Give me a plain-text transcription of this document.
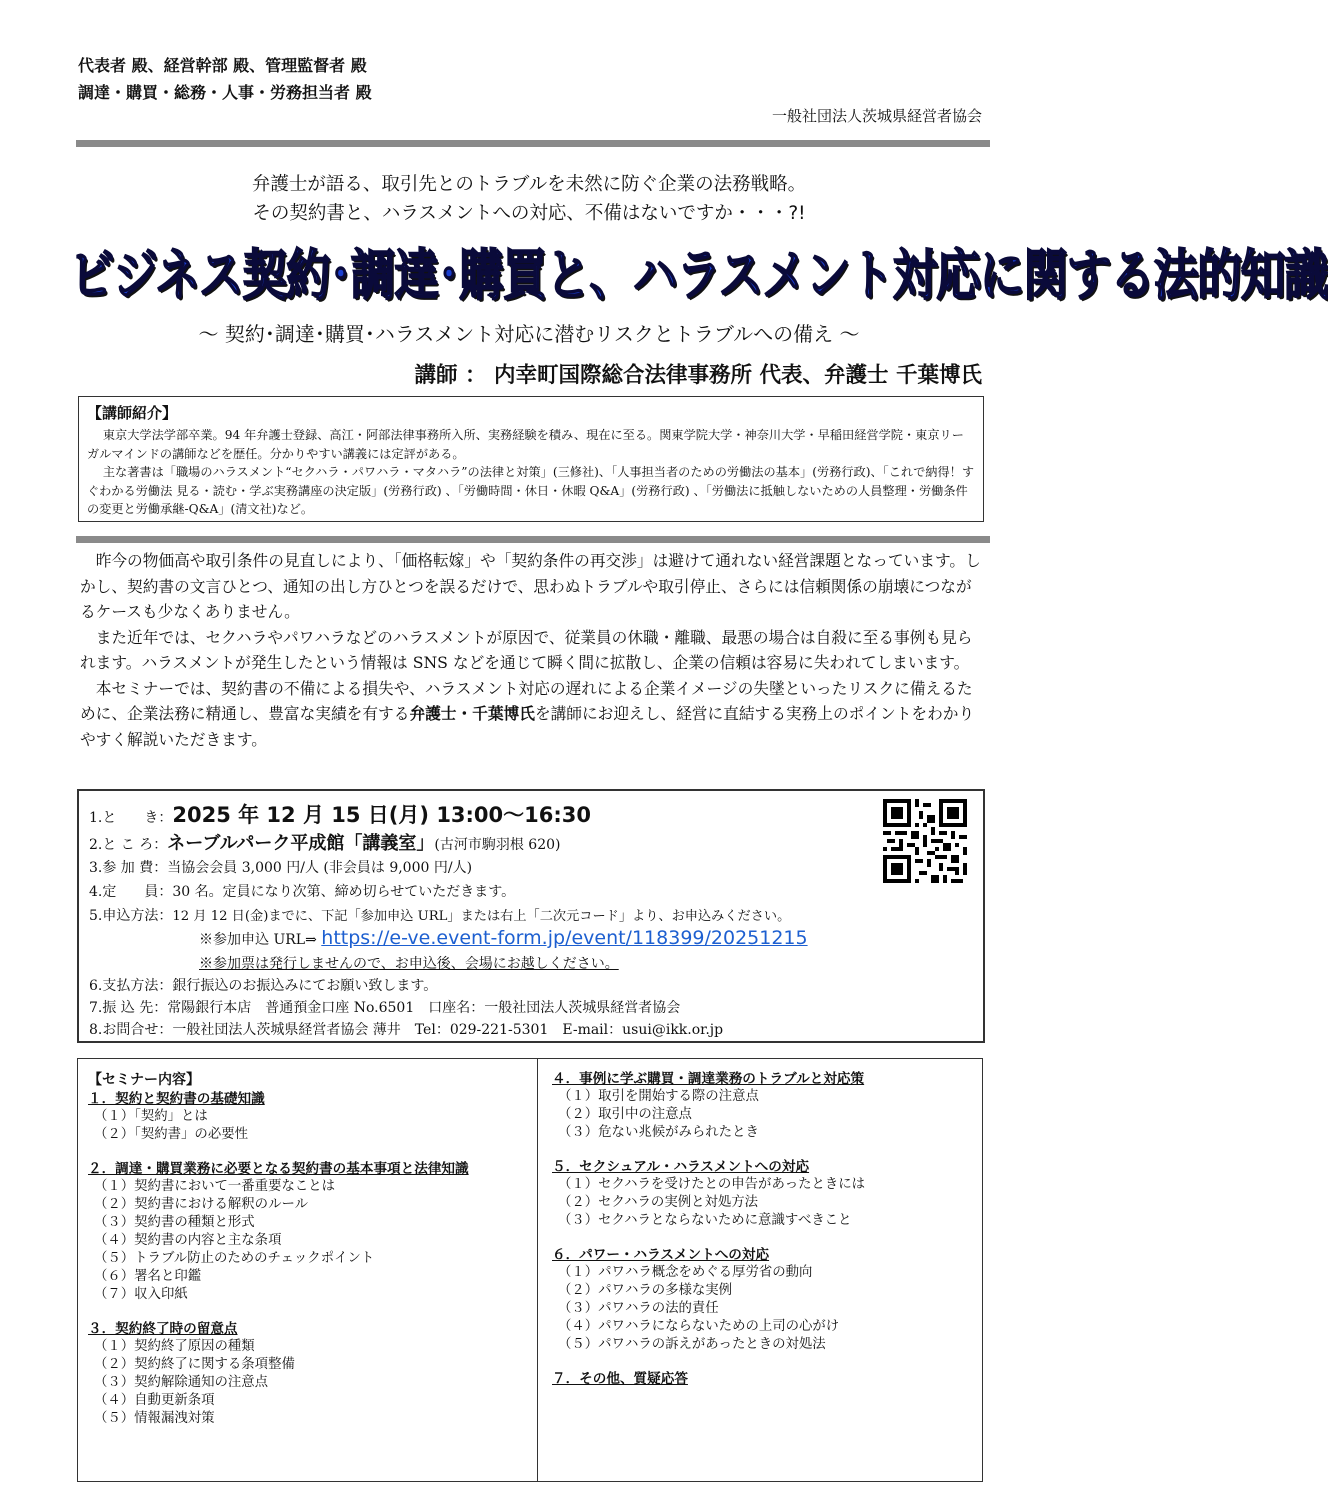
代表者 殿、経営幹部 殿、管理監督者 殿
調達・購買・総務・人事・労務担当者 殿
一般社団法人茨城県経営者協会
弁護士が語る、取引先とのトラブルを未然に防ぐ企業の法務戦略。
その契約書と、ハラスメントへの対応、不備はないですか・・・?!
ビジネス契約･調達･購買と、ハラスメント対応に関する法的知識
～ 契約･調達･購買･ハラスメント対応に潜むリスクとトラブルへの備え ～
講師 ： 内幸町国際総合法律事務所 代表、弁護士 千葉博氏
【講師紹介】

東京大学法学部卒業。94 年弁護士登録、高江・阿部法律事務所入所、実務経験を積み、現在に至る。関東学院大学・神奈川大学・早稲田経営学院・東京リーガルマインドの講師などを歴任。分かりやすい講義には定評がある。

主な著書は「職場のハラスメント“セクハラ・パワハラ・マタハラ”の法律と対策」(三修社)、「人事担当者のための労働法の基本」(労務行政)、「これで納得！すぐわかる労働法 見る・読む・学ぶ実務講座の決定版」(労務行政) 、「労働時間・休日・休暇 Q&A」(労務行政) 、「労働法に抵触しないための人員整理・労働条件の変更と労働承継-Q&A」(清文社)など。

昨今の物価高や取引条件の見直しにより、「価格転嫁」や「契約条件の再交渉」は避けて通れない経営課題となっています。しかし、契約書の文言ひとつ、通知の出し方ひとつを誤るだけで、思わぬトラブルや取引停止、さらには信頼関係の崩壊につながるケースも少なくありません。

また近年では、セクハラやパワハラなどのハラスメントが原因で、従業員の休職・離職、最悪の場合は自殺に至る事例も見られます。ハラスメントが発生したという情報は SNS などを通じて瞬く間に拡散し、企業の信頼は容易に失われてしまいます。

本セミナーでは、契約書の不備による損失や、ハラスメント対応の遅れによる企業イメージの失墜といったリスクに備えるために、企業法務に精通し、豊富な実績を有する弁護士・千葉博氏を講師にお迎えし、経営に直結する実務上のポイントをわかりやすく解説いただきます。

1.と　　き：2025 年 12 月 15 日(月) 13:00～16:30
2.と こ ろ：ネーブルパーク平成館「講義室」(古河市駒羽根 620)
3.参 加 費：当協会会員 3,000 円/人 (非会員は 9,000 円/人)
4.定　　員：30 名。定員になり次第、締め切らせていただきます。
5.申込方法：12 月 12 日(金)までに、下記「参加申込 URL」または右上「二次元コード」より、お申込みください。
※参加申込 URL⇒ https://e-ve.event-form.jp/event/118399/20251215
※参加票は発行しませんので、お申込後、会場にお越しください。
6.支払方法：銀行振込のお振込みにてお願い致します。
7.振 込 先：常陽銀行本店　普通預金口座 No.6501　口座名：一般社団法人茨城県経営者協会
8.お問合せ：一般社団法人茨城県経営者協会 薄井　Tel：029-221-5301　E-mail：usui@ikk.or.jp
【セミナー内容】
１．契約と契約書の基礎知識
（１）「契約」とは
（２）「契約書」の必要性
２．調達・購買業務に必要となる契約書の基本事項と法律知識
（１）契約書において一番重要なことは
（２）契約書における解釈のルール
（３）契約書の種類と形式
（４）契約書の内容と主な条項
（５）トラブル防止のためのチェックポイント
（６）署名と印鑑
（７）収入印紙
３．契約終了時の留意点
（１）契約終了原因の種類
（２）契約終了に関する条項整備
（３）契約解除通知の注意点
（４）自動更新条項
（５）情報漏洩対策
４．事例に学ぶ購買・調達業務のトラブルと対応策
（１）取引を開始する際の注意点
（２）取引中の注意点
（３）危ない兆候がみられたとき
５．セクシュアル・ハラスメントへの対応
（１）セクハラを受けたとの申告があったときには
（２）セクハラの実例と対処方法
（３）セクハラとならないために意識すべきこと
６．パワー・ハラスメントへの対応
（１）パワハラ概念をめぐる厚労省の動向
（２）パワハラの多様な実例
（３）パワハラの法的責任
（４）パワハラにならないための上司の心がけ
（５）パワハラの訴えがあったときの対処法
７．その他、質疑応答
